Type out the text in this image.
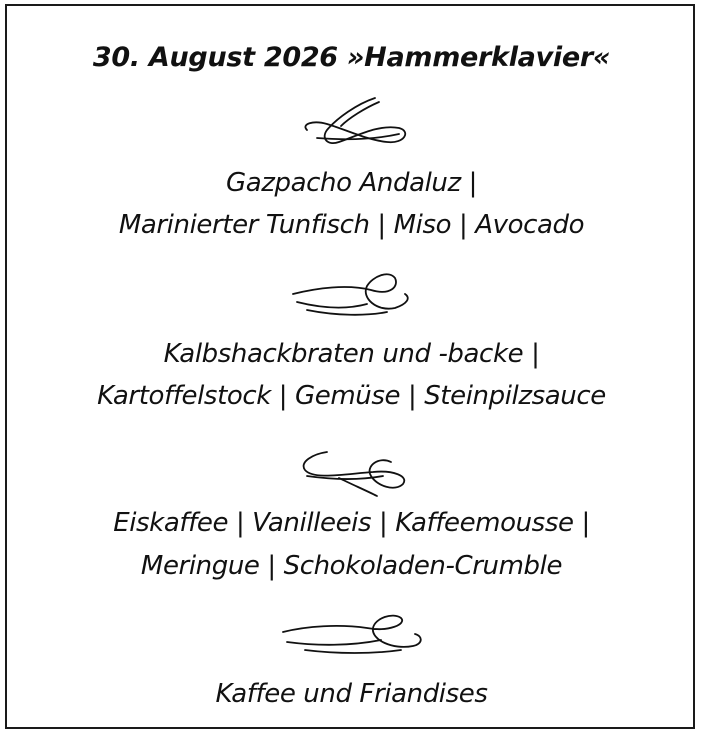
30. August 2026 »Hammerklavier«
Gazpacho Andaluz |
Marinierter Tunfisch | Miso | Avocado
Kalbshackbraten und -backe |
Kartoffelstock | Gemüse | Steinpilzsauce
Eiskaffee | Vanilleeis | Kaffeemousse |
Meringue | Schokoladen-Crumble
Kaffee und Friandises
